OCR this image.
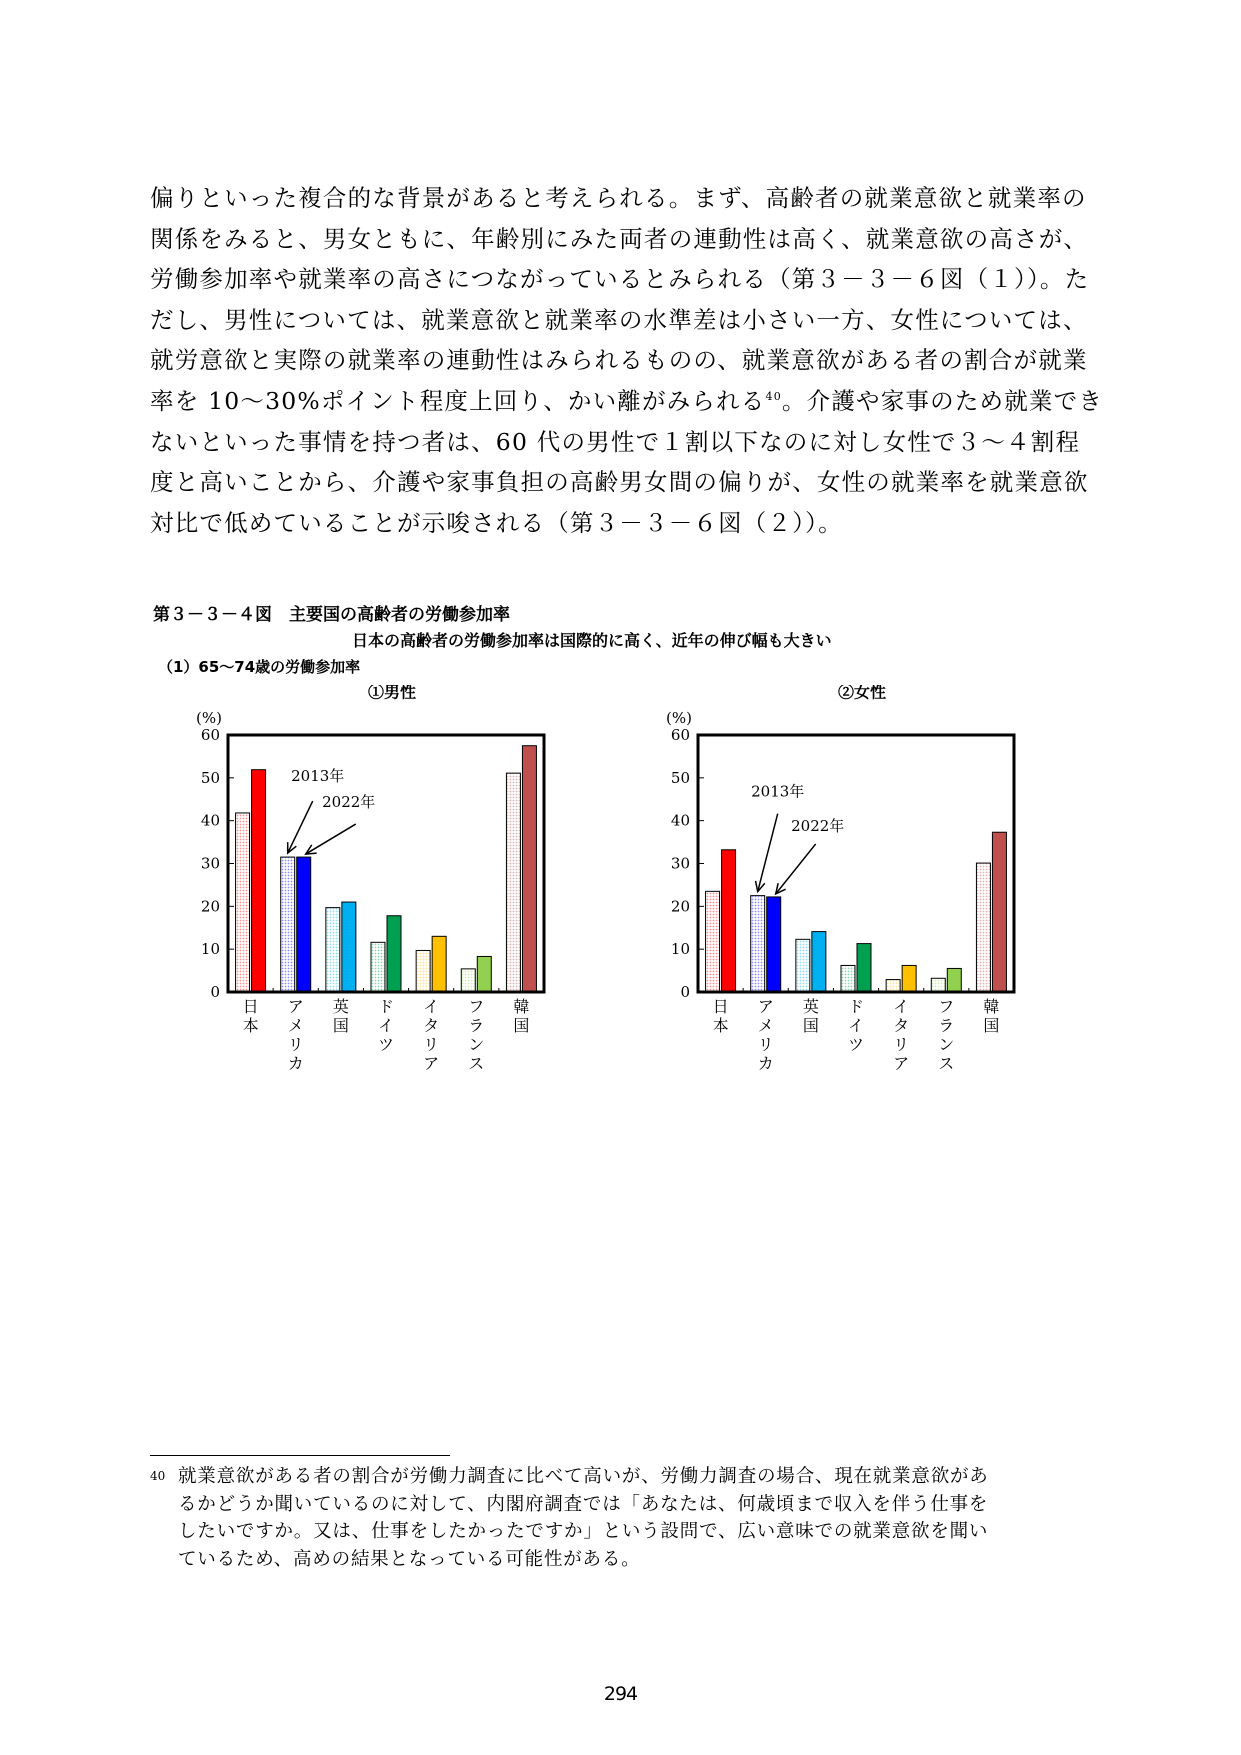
偏りといった複合的な背景があると考えられる。まず、高齢者の就業意欲と就業率の
関係をみると、男女ともに、年齢別にみた両者の連動性は高く、就業意欲の高さが、
労働参加率や就業率の高さにつながっているとみられる（第３－３－６図（１））。た
だし、男性については、就業意欲と就業率の水準差は小さい一方、女性については、
就労意欲と実際の就業率の連動性はみられるものの、就業意欲がある者の割合が就業
率を 10～30%ポイント程度上回り、かい離がみられる$^{40}$。介護や家事のため就業でき
ないといった事情を持つ者は、60 代の男性で１割以下なのに対し女性で３～４割程
度と高いことから、介護や家事負担の高齢男女間の偏りが、女性の就業率を就業意欲
対比で低めていることが示唆される（第３－３－６図（２））。
第３－３－４図　主要国の高齢者の労働参加率
日本の高齢者の労働参加率は国際的に高く、近年の伸び幅も大きい
（1）65～74歳の労働参加率
①男性
(%)
0
10
20
30
40
50
60
日
本
ア
メ
リ
カ
英
国
ド
イ
ツ
イ
タ
リ
ア
フ
ラ
ン
ス
韓
国
2013年
2022年
②女性
(%)
0
10
20
30
40
50
60
日
本
ア
メ
リ
カ
英
国
ド
イ
ツ
イ
タ
リ
ア
フ
ラ
ン
ス
韓
国
2013年
2022年
40 就業意欲がある者の割合が労働力調査に比べて高いが、労働力調査の場合、現在就業意欲があ
るかどうか聞いているのに対して、内閣府調査では「あなたは、何歳頃まで収入を伴う仕事を
したいですか。又は、仕事をしたかったですか」という設問で、広い意味での就業意欲を聞い
ているため、高めの結果となっている可能性がある。
294
